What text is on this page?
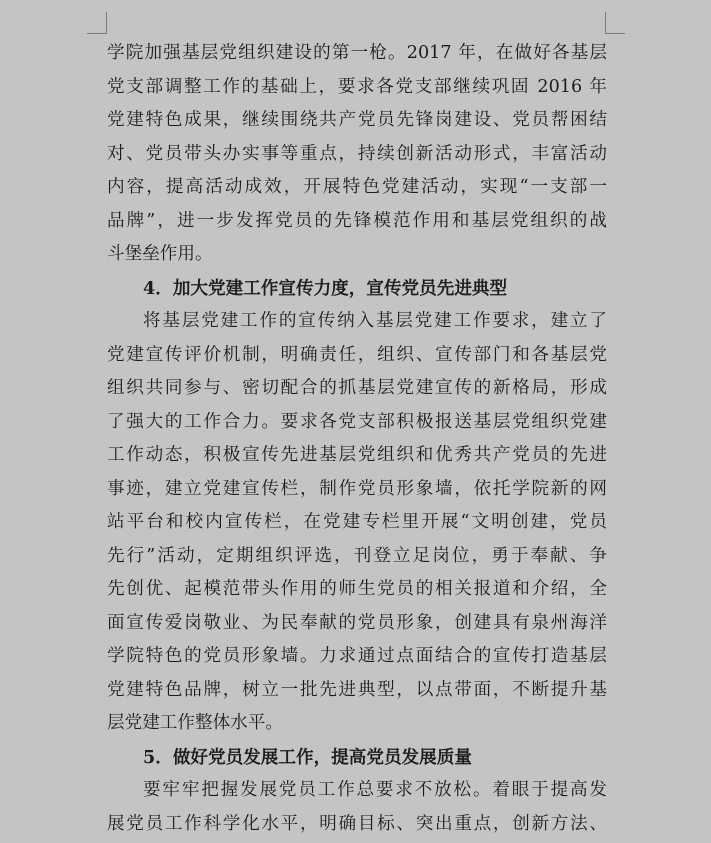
学院加强基层党组织建设的第一枪。2017 年，在做好各基层
党支部调整工作的基础上，要求各党支部继续巩固 2016 年
党建特色成果，继续围绕共产党员先锋岗建设、党员帮困结
对、党员带头办实事等重点，持续创新活动形式，丰富活动
内容，提高活动成效，开展特色党建活动，实现“一支部一
品牌”，进一步发挥党员的先锋模范作用和基层党组织的战
斗堡垒作用。
4．加大党建工作宣传力度，宣传党员先进典型
将基层党建工作的宣传纳入基层党建工作要求，建立了
党建宣传评价机制，明确责任，组织、宣传部门和各基层党
组织共同参与、密切配合的抓基层党建宣传的新格局，形成
了强大的工作合力。要求各党支部积极报送基层党组织党建
工作动态，积极宣传先进基层党组织和优秀共产党员的先进
事迹，建立党建宣传栏，制作党员形象墙，依托学院新的网
站平台和校内宣传栏，在党建专栏里开展“文明创建，党员
先行”活动，定期组织评选，刊登立足岗位，勇于奉献、争
先创优、起模范带头作用的师生党员的相关报道和介绍，全
面宣传爱岗敬业、为民奉献的党员形象，创建具有泉州海洋
学院特色的党员形象墙。力求通过点面结合的宣传打造基层
党建特色品牌，树立一批先进典型，以点带面，不断提升基
层党建工作整体水平。
5．做好党员发展工作，提高党员发展质量
要牢牢把握发展党员工作总要求不放松。着眼于提高发
展党员工作科学化水平，明确目标、突出重点，创新方法、
